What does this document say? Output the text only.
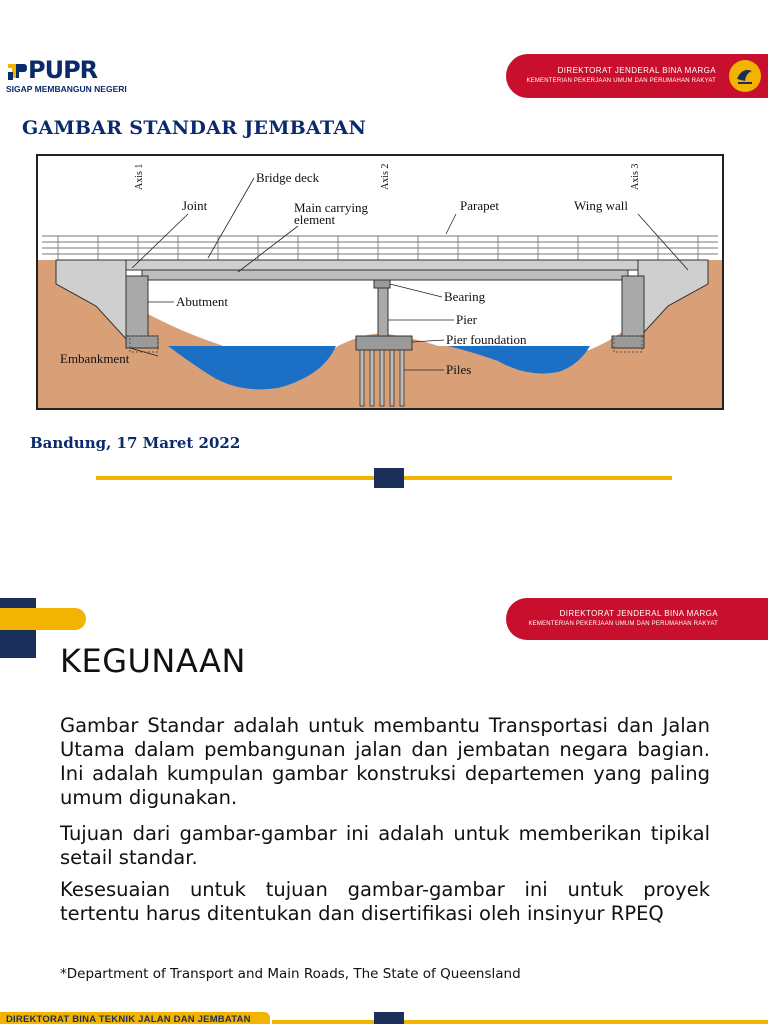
PUPR
SIGAP MEMBANGUN NEGERI
DIREKTORAT JENDERAL BINA MARGA
KEMENTERIAN PEKERJAAN UMUM DAN PERUMAHAN RAKYAT
GAMBAR STANDAR JEMBATAN
Axis 1	Axis 2	Axis 3
Bridge deck
Joint	Main carrying
element
Parapet	Wing wall
Abutment	Bearing
Pier
Pier foundation
Embankment
Piles
Bandung, 17 Maret 2022
DIREKTORAT JENDERAL BINA MARGA
KEMENTERIAN PEKERJAAN UMUM DAN PERUMAHAN RAKYAT
KEGUNAAN

Gambar Standar adalah untuk membantu Transportasi dan Jalan Utama dalam pembangunan jalan dan jembatan negara bagian. Ini adalah kumpulan gambar konstruksi departemen yang paling umum digunakan.

Tujuan dari gambar-gambar ini adalah untuk memberikan tipikal setail standar.

Kesesuaian untuk tujuan gambar-gambar ini untuk proyek tertentu harus ditentukan dan disertifikasi oleh insinyur RPEQ

*Department of Transport and Main Roads, The State of Queensland
DIREKTORAT BINA TEKNIK JALAN DAN JEMBATAN
